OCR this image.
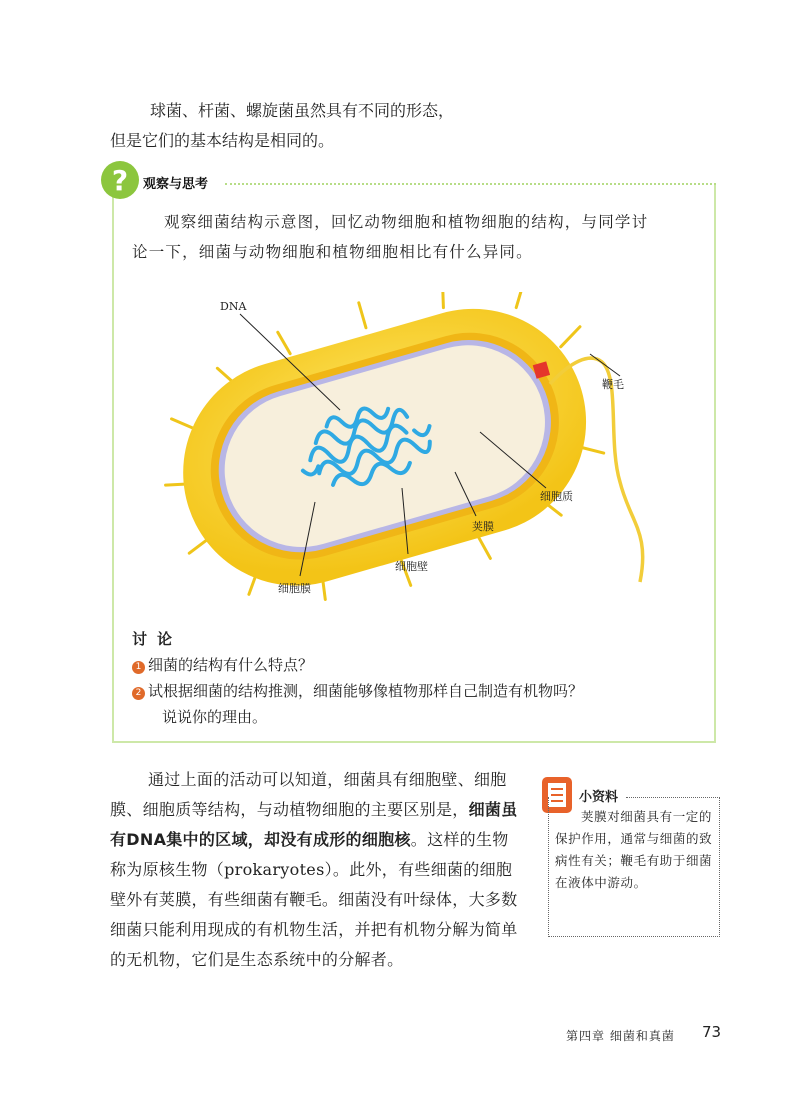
球菌、杆菌、螺旋菌虽然具有不同的形态，

但是它们的基本结构是相同的。

? 观察与思考

观察细菌结构示意图，回忆动物细胞和植物细胞的结构，与同学讨

论一下，细菌与动物细胞和植物细胞相比有什么异同。

DNA
鞭毛
细胞质
荚膜
细胞壁
细胞膜
讨论
1 细菌的结构有什么特点？
2 试根据细菌的结构推测，细菌能够像植物那样自己制造有机物吗？
说说你的理由。

通过上面的活动可以知道，细菌具有细胞壁、细胞膜、细胞质等结构，与动植物细胞的主要区别是，细菌虽有DNA集中的区域，却没有成形的细胞核。这样的生物称为原核生物（prokaryotes）。此外，有些细菌的细胞壁外有荚膜，有些细菌有鞭毛。细菌没有叶绿体，大多数细菌只能利用现成的有机物生活，并把有机物分解为简单的无机物，它们是生态系统中的分解者。

小资料

荚膜对细菌具有一定的保护作用，通常与细菌的致病性有关；鞭毛有助于细菌在液体中游动。

第四章 细菌和真菌 73
